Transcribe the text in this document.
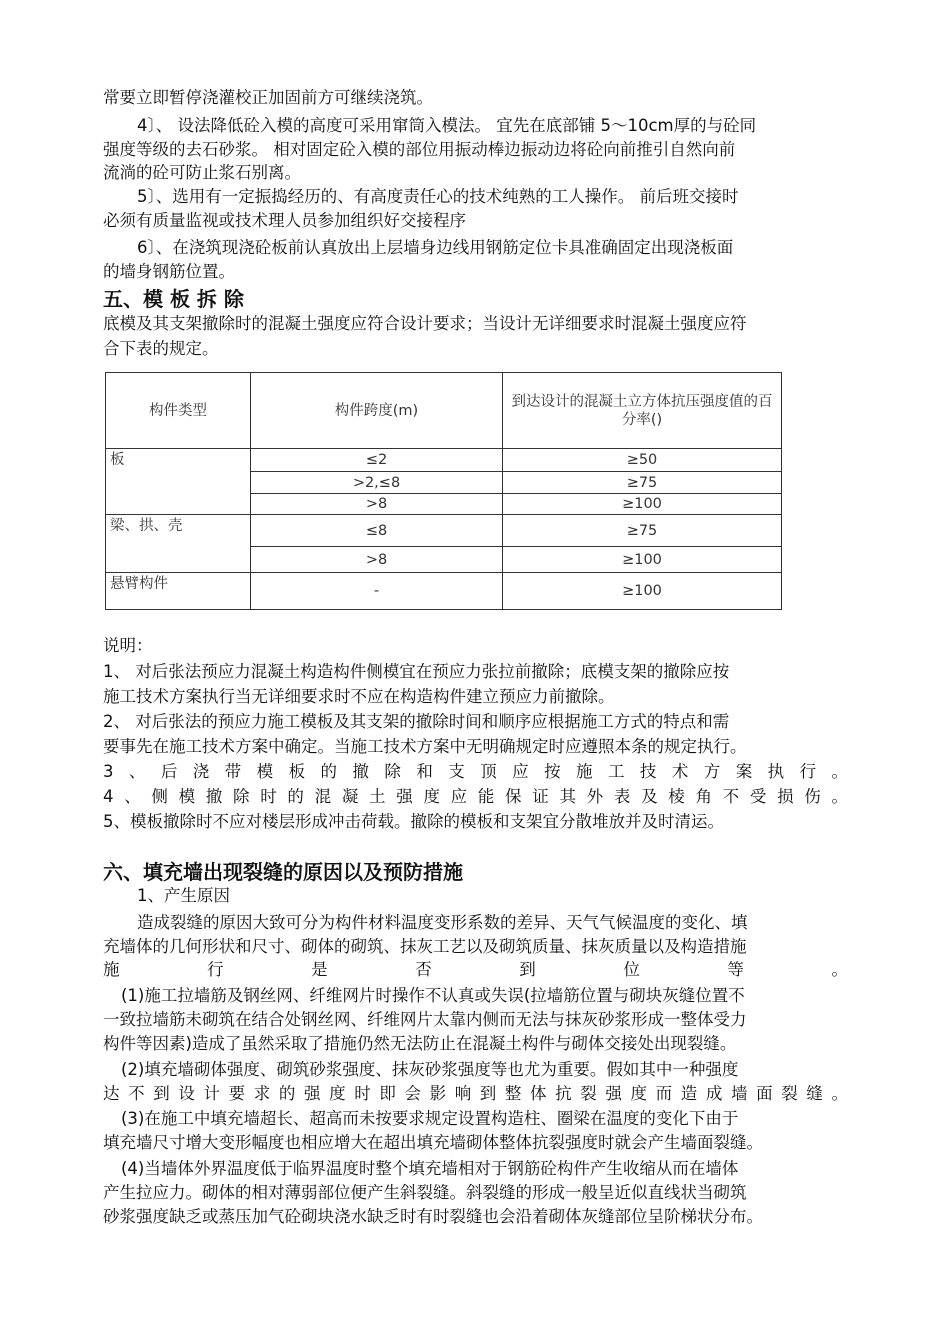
常要立即暂停浇灌校正加固前方可继续浇筑。
4〕、 设法降低砼入模的高度可采用窜筒入模法。 宜先在底部铺 5～10cm厚的与砼同
强度等级的去石砂浆。 相对固定砼入模的部位用振动棒边振动边将砼向前推引自然向前
流淌的砼可防止浆石别离。
5〕、选用有一定振捣经历的、有高度责任心的技术纯熟的工人操作。 前后班交接时
必须有质量监视或技术理人员参加组织好交接程序
6〕、在浇筑现浇砼板前认真放出上层墙身边线用钢筋定位卡具准确固定出现浇板面
的墙身钢筋位置。
五、模 板 拆 除
底模及其支架撤除时的混凝土强度应符合设计要求；当设计无详细要求时混凝土强度应符
合下表的规定。
构件类型	构件跨度(m)	到达设计的混凝土立方体抗压强度值的百分率()
板	≤2	≥50
	>2,≤8	≥75
	>8	≥100
梁、拱、壳	≤8	≥75
	>8	≥100
悬臂构件	-	≥100
说明：
1、 对后张法预应力混凝土构造构件侧模宜在预应力张拉前撤除；底模支架的撤除应按
施工技术方案执行当无详细要求时不应在构造构件建立预应力前撤除。
2、 对后张法的预应力施工模板及其支架的撤除时间和顺序应根据施工方式的特点和需
要事先在施工技术方案中确定。当施工技术方案中无明确规定时应遵照本条的规定执行。
3、后浇带模板的撤除和支顶应按施工技术方案执行。
4、侧模撤除时的混凝土强度应能保证其外表及棱角不受损伤。
5、模板撤除时不应对楼层形成冲击荷载。撤除的模板和支架宜分散堆放并及时清运。
六、填充墙出现裂缝的原因以及预防措施
1、产生原因
造成裂缝的原因大致可分为构件材料温度变形系数的差异、天气气候温度的变化、填
充墙体的几何形状和尺寸、砌体的砌筑、抹灰工艺以及砌筑质量、抹灰质量以及构造措施
施行是否到位等。
(1)施工拉墙筋及钢丝网、纤维网片时操作不认真或失误(拉墙筋位置与砌块灰缝位置不
一致拉墙筋未砌筑在结合处钢丝网、纤维网片太靠内侧而无法与抹灰砂浆形成一整体受力
构件等因素)造成了虽然采取了措施仍然无法防止在混凝土构件与砌体交接处出现裂缝。
(2)填充墙砌体强度、砌筑砂浆强度、抹灰砂浆强度等也尤为重要。假如其中一种强度
达不到设计要求的强度时即会影响到整体抗裂强度而造成墙面裂缝。
(3)在施工中填充墙超长、超高而未按要求规定设置构造柱、圈梁在温度的变化下由于
填充墙尺寸增大变形幅度也相应增大在超出填充墙砌体整体抗裂强度时就会产生墙面裂缝。
(4)当墙体外界温度低于临界温度时整个填充墙相对于钢筋砼构件产生收缩从而在墙体
产生拉应力。砌体的相对薄弱部位便产生斜裂缝。斜裂缝的形成一般呈近似直线状当砌筑
砂浆强度缺乏或蒸压加气砼砌块浇水缺乏时有时裂缝也会沿着砌体灰缝部位呈阶梯状分布。
